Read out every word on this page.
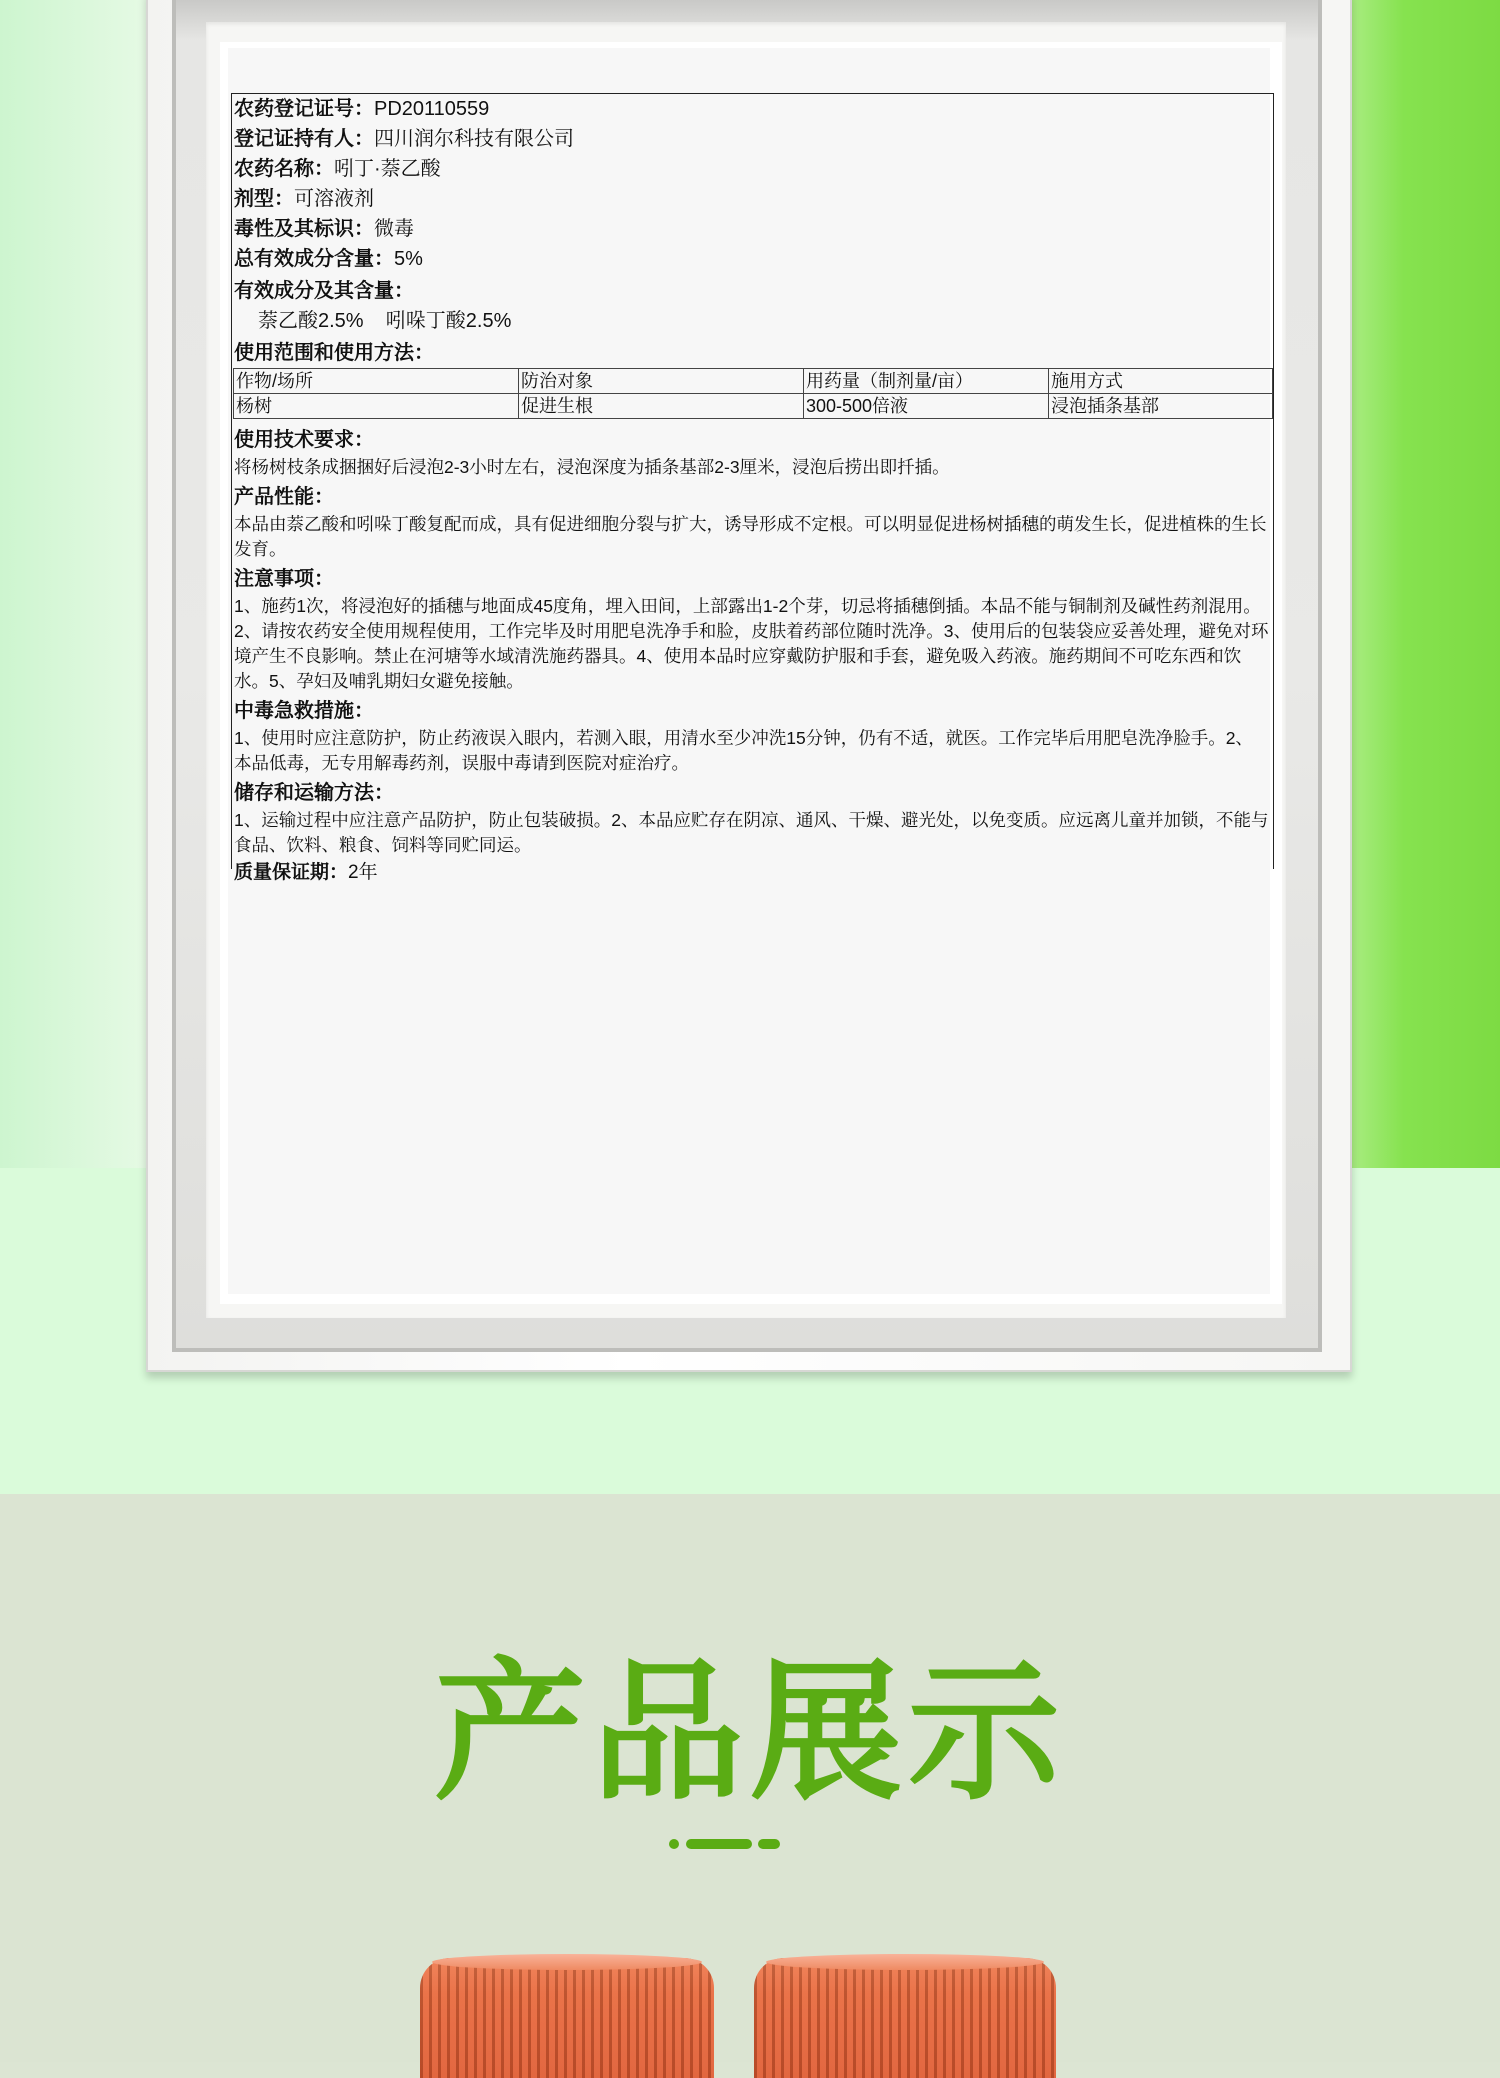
农药登记证号：PD20110559
登记证持有人：四川润尔科技有限公司
农药名称：吲丁·萘乙酸
剂型：可溶液剂
毒性及其标识：微毒
总有效成分含量：5%
有效成分及其含量：
萘乙酸2.5%    吲哚丁酸2.5%
使用范围和使用方法：
作物/场所	防治对象	用药量（制剂量/亩）	施用方式
杨树	促进生根	300-500倍液	浸泡插条基部
使用技术要求：
将杨树枝条成捆捆好后浸泡2-3小时左右，浸泡深度为插条基部2-3厘米，浸泡后捞出即扦插。
产品性能：
本品由萘乙酸和吲哚丁酸复配而成，具有促进细胞分裂与扩大，诱导形成不定根。可以明显促进杨树插穗的萌发生长，促进植株的生长发育。
注意事项：
1、施药1次，将浸泡好的插穗与地面成45度角，埋入田间，上部露出1-2个芽，切忌将插穗倒插。本品不能与铜制剂及碱性药剂混用。2、请按农药安全使用规程使用，工作完毕及时用肥皂洗净手和脸，皮肤着药部位随时洗净。3、使用后的包装袋应妥善处理，避免对环境产生不良影响。禁止在河塘等水域清洗施药器具。4、使用本品时应穿戴防护服和手套，避免吸入药液。施药期间不可吃东西和饮水。5、孕妇及哺乳期妇女避免接触。
中毒急救措施：
1、使用时应注意防护，防止药液误入眼内，若测入眼，用清水至少冲洗15分钟，仍有不适，就医。工作完毕后用肥皂洗净脸手。2、本品低毒，无专用解毒药剂，误服中毒请到医院对症治疗。
储存和运输方法：
1、运输过程中应注意产品防护，防止包装破损。2、本品应贮存在阴凉、通风、干燥、避光处，以免变质。应远离儿童并加锁，不能与食品、饮料、粮食、饲料等同贮同运。
质量保证期：2年
产品展示
